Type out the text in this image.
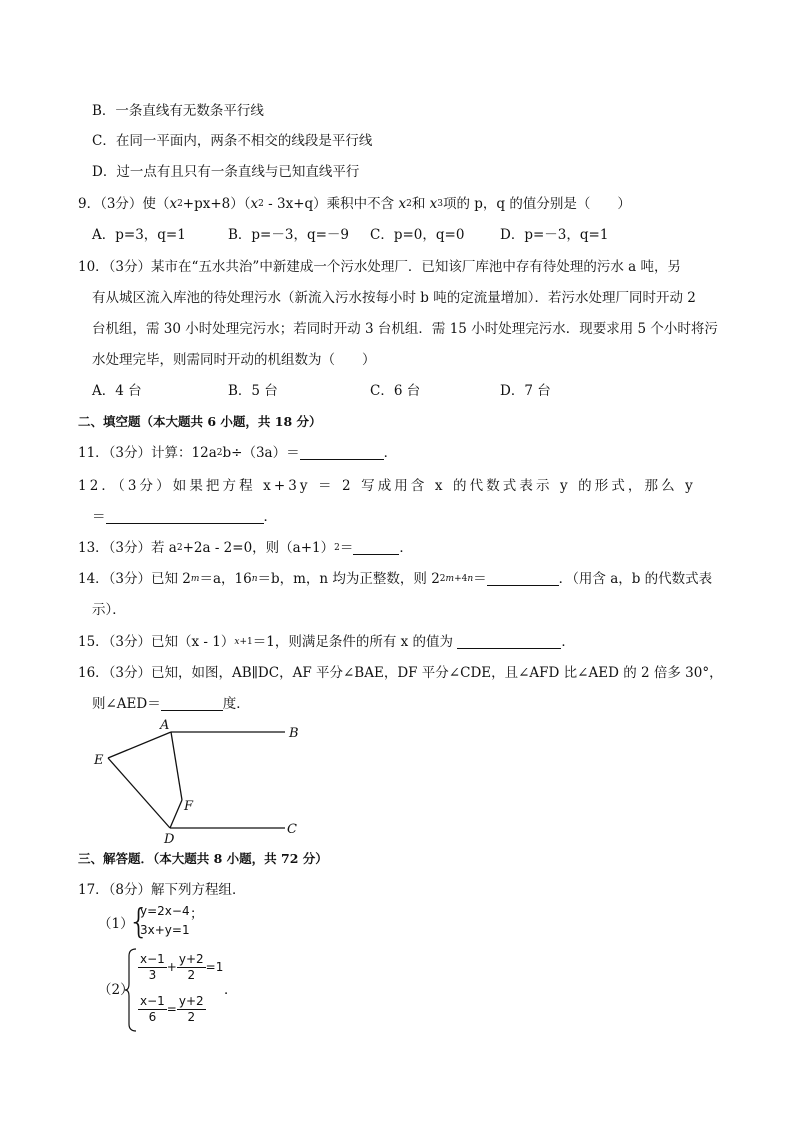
B．一条直线有无数条平行线
C．在同一平面内，两条不相交的线段是平行线
D．过一点有且只有一条直线与已知直线平行
9．（3分）使$(x^2+px+8)(x^2 - 3x+q)$乘积中不含 $x^2$和 $x^3$项的 p，q 的值分别是（　　）
A．p=3，q=1	B．p=－3，q=－9 C．p=0，q=0	D．p=－3，q=1
10．（3分）某市在“五水共治”中新建成一个污水处理厂．已知该厂库池中存有待处理的污水 a 吨，另
有从城区流入库池的待处理污水（新流入污水按每小时 b 吨的定流量增加）．若污水处理厂同时开动 2
台机组，需 30 小时处理完污水；若同时开动 3 台机组．需 15 小时处理完污水．现要求用 5 个小时将污
水处理完毕，则需同时开动的机组数为（　　）
A．4 台	B．5 台	C．6 台	D．7 台
二、填空题（本大题共 6 小题，共 18 分）
11．（3分）计算：$12a^2b\div(3a)=$	．
12．（3分）如果把方程 x+3y ＝ 2 写成用含 x 的代数式表示 y 的形式，那么 y
＝	．
13．（3分）若 $a^2+2a - 2=0$，则$(a+1)^2=$	．
14．（3分）已知 $2^m=a$，$16^n=b$，m，n 均为正整数，则 $2^{2m+4n}=$	．（用含 a，b 的代数式表
示）．
15．（3分）已知（x - 1）$^{x+1}$＝1，则满足条件的所有 x 的值为	．
16．（3分）已知，如图，AB∥DC，AF 平分∠BAE，DF 平分∠CDE，且∠AFD 比∠AED 的 2 倍多 30°，
则∠AED＝	度．
A
B
E
F
D
C
三、解答题．（本大题共 8 小题，共 72 分）
17．（8分）解下列方程组．
（1）
{
y=2x−4
3x+y=1
；
（2）
$\frac{x-1}{3} + \frac{y+2}{2} =1$
$\frac{x-1}{6} = \frac{y+2}{2}$
．
